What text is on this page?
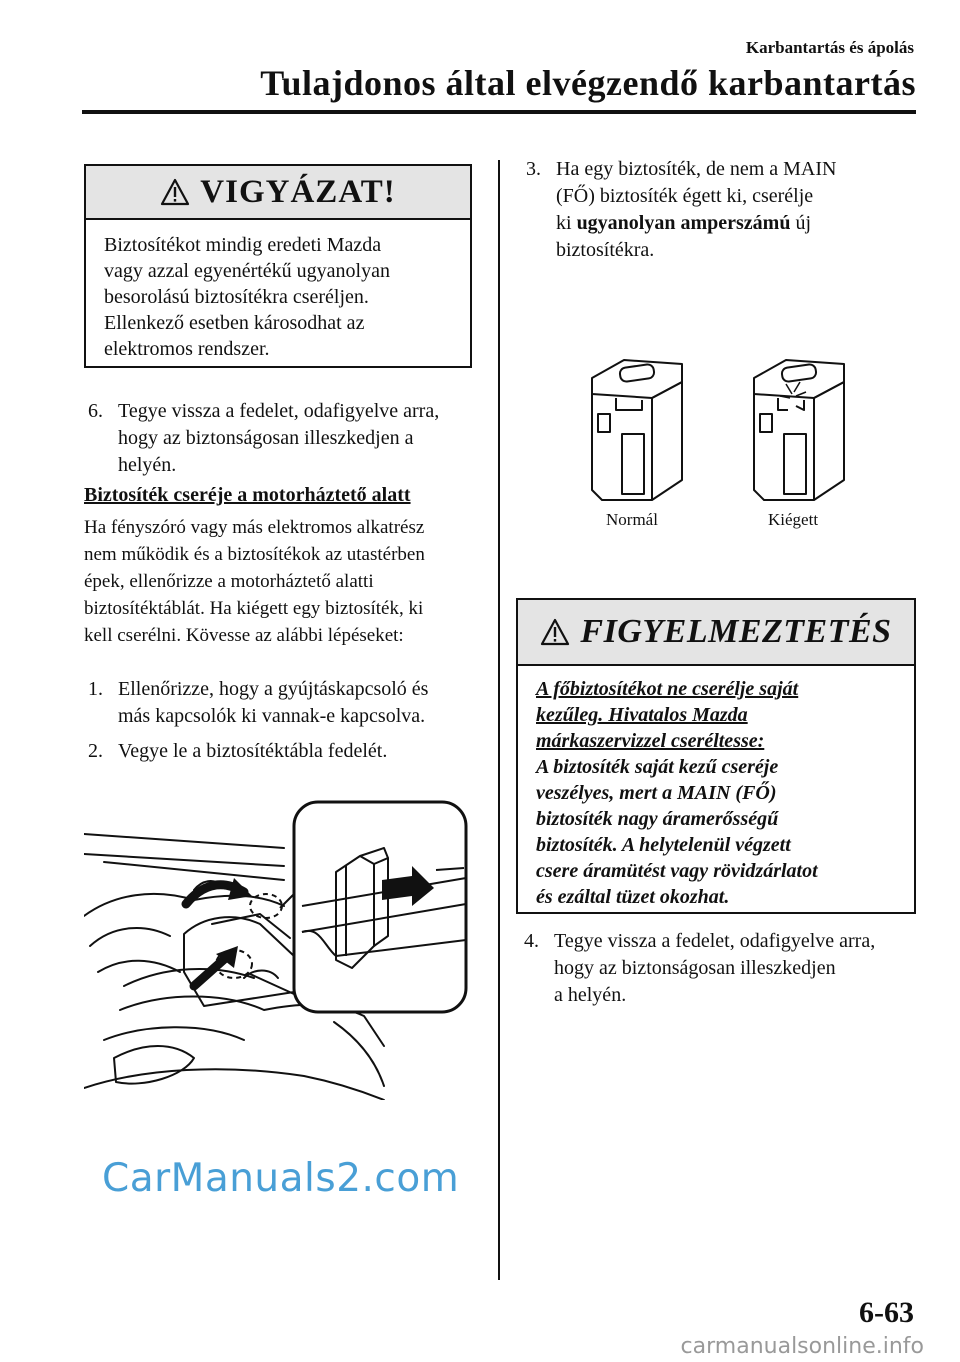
Karbantartás és ápolás
Tulajdonos által elvégzendő karbantartás
VIGYÁZAT!
Biztosítékot mindig eredeti Mazda
vagy azzal egyenértékű ugyanolyan
besorolású biztosítékra cseréljen.
Ellenkező esetben károsodhat az
elektromos rendszer.
6. Tegye vissza a fedelet, odafigyelve arra,
hogy az biztonságosan illeszkedjen a
helyén.
Biztosíték cseréje a motorháztető alatt
Ha fényszóró vagy más elektromos alkatrész
nem működik és a biztosítékok az utastérben
épek, ellenőrizze a motorháztető alatti
biztosítéktáblát. Ha kiégett egy biztosíték, ki
kell cserélni. Kövesse az alábbi lépéseket:
1. Ellenőrizze, hogy a gyújtáskapcsoló és
más kapcsolók ki vannak-e kapcsolva.
2. Vegye le a biztosítéktábla fedelét.
3. Ha egy biztosíték, de nem a MAIN
(FŐ) biztosíték égett ki, cserélje
ki ugyanolyan amperszámú új
biztosítékra.
Normál	Kiégett
FIGYELMEZTETÉS
A főbiztosítékot ne cserélje saját
kezűleg. Hivatalos Mazda
márkaszervizzel cseréltesse:
A biztosíték saját kezű cseréje
veszélyes, mert a MAIN (FŐ)
biztosíték nagy áramerősségű
biztosíték. A helytelenül végzett
csere áramütést vagy rövidzárlatot
és ezáltal tüzet okozhat.
4. Tegye vissza a fedelet, odafigyelve arra,
hogy az biztonságosan illeszkedjen
a helyén.
CarManuals2.com
6-63
carmanualsonline.info
